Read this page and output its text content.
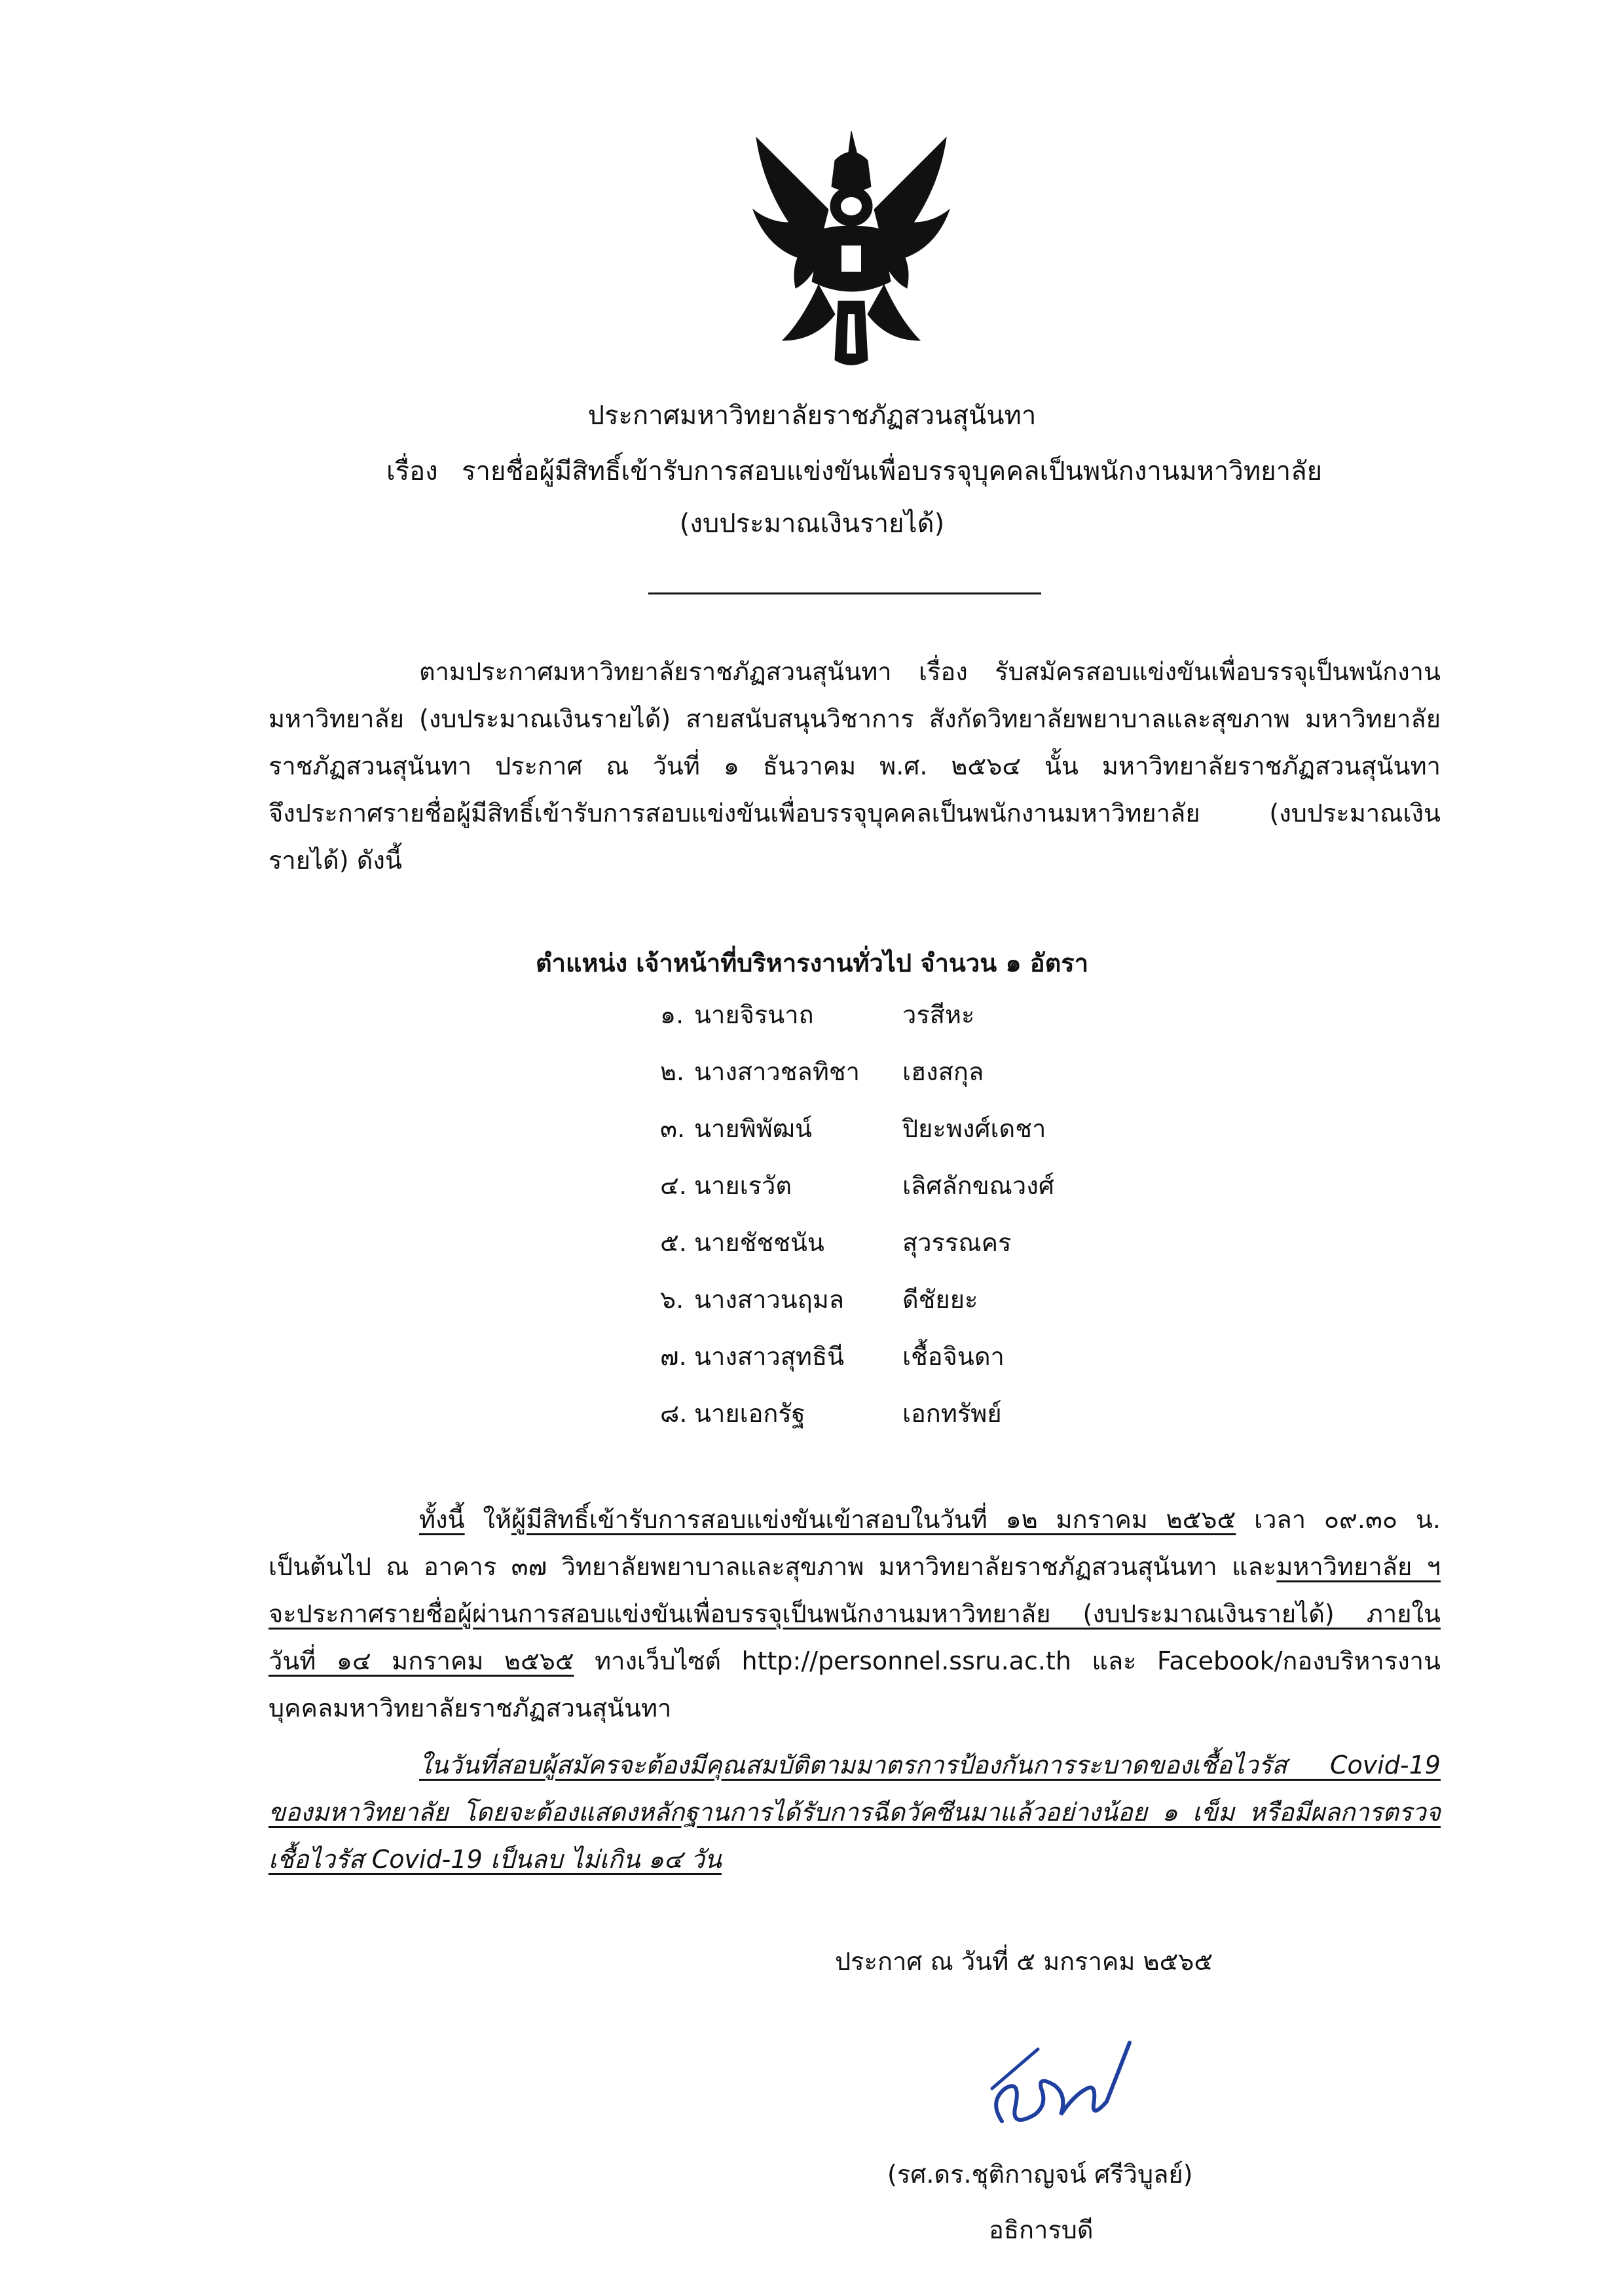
ประกาศมหาวิทยาลัยราชภัฏสวนสุนันทา
เรื่อง รายชื่อผู้มีสิทธิ์เข้ารับการสอบแข่งขันเพื่อบรรจุบุคคลเป็นพนักงานมหาวิทยาลัย
(งบประมาณเงินรายได้)
ตามประกาศมหาวิทยาลัยราชภัฏสวนสุนันทา เรื่อง รับสมัครสอบแข่งขันเพื่อบรรจุเป็นพนักงาน
มหาวิทยาลัย (งบประมาณเงินรายได้) สายสนับสนุนวิชาการ สังกัดวิทยาลัยพยาบาลและสุขภาพ มหาวิทยาลัย
ราชภัฏสวนสุนันทา ประกาศ ณ วันที่ ๑ ธันวาคม พ.ศ. ๒๕๖๔ นั้น มหาวิทยาลัยราชภัฏสวนสุนันทา
จึงประกาศรายชื่อผู้มีสิทธิ์เข้ารับการสอบแข่งขันเพื่อบรรจุบุคคลเป็นพนักงานมหาวิทยาลัย (งบประมาณเงิน
รายได้) ดังนี้
ตำแหน่ง เจ้าหน้าที่บริหารงานทั่วไป จำนวน ๑ อัตรา
๑. นายจิรนาถ	วรสีหะ
๒. นางสาวชลทิชา เฮงสกุล
๓. นายพิพัฒน์	ปิยะพงศ์เดชา
๔. นายเรวัต	เลิศลักขณวงศ์
๕. นายชัชชนัน	สุวรรณคร
๖. นางสาวนฤมล ดีชัยยะ
๗. นางสาวสุทธินี เชื้อจินดา
๘. นายเอกรัฐ	เอกทรัพย์
ทั้งนี้ ให้ผู้มีสิทธิ์เข้ารับการสอบแข่งขันเข้าสอบในวันที่ ๑๒ มกราคม ๒๕๖๕ เวลา ๐๙.๓๐ น.
เป็นต้นไป ณ อาคาร ๓๗ วิทยาลัยพยาบาลและสุขภาพ มหาวิทยาลัยราชภัฏสวนสุนันทา และมหาวิทยาลัย ฯ
จะประกาศรายชื่อผู้ผ่านการสอบแข่งขันเพื่อบรรจุเป็นพนักงานมหาวิทยาลัย (งบประมาณเงินรายได้) ภายใน
วันที่ ๑๔ มกราคม ๒๕๖๕ ทางเว็บไซต์ http://personnel.ssru.ac.th และ Facebook/กองบริหารงาน
บุคคลมหาวิทยาลัยราชภัฏสวนสุนันทา
ในวันที่สอบผู้สมัครจะต้องมีคุณสมบัติตามมาตรการป้องกันการระบาดของเชื้อไวรัส Covid-19
ของมหาวิทยาลัย โดยจะต้องแสดงหลักฐานการได้รับการฉีดวัคซีนมาแล้วอย่างน้อย ๑ เข็ม หรือมีผลการตรวจ
เชื้อไวรัส Covid-19 เป็นลบ ไม่เกิน ๑๔ วัน
ประกาศ ณ วันที่ ๕ มกราคม ๒๕๖๕
(รศ.ดร.ชุติกาญจน์ ศรีวิบูลย์)
อธิการบดี
